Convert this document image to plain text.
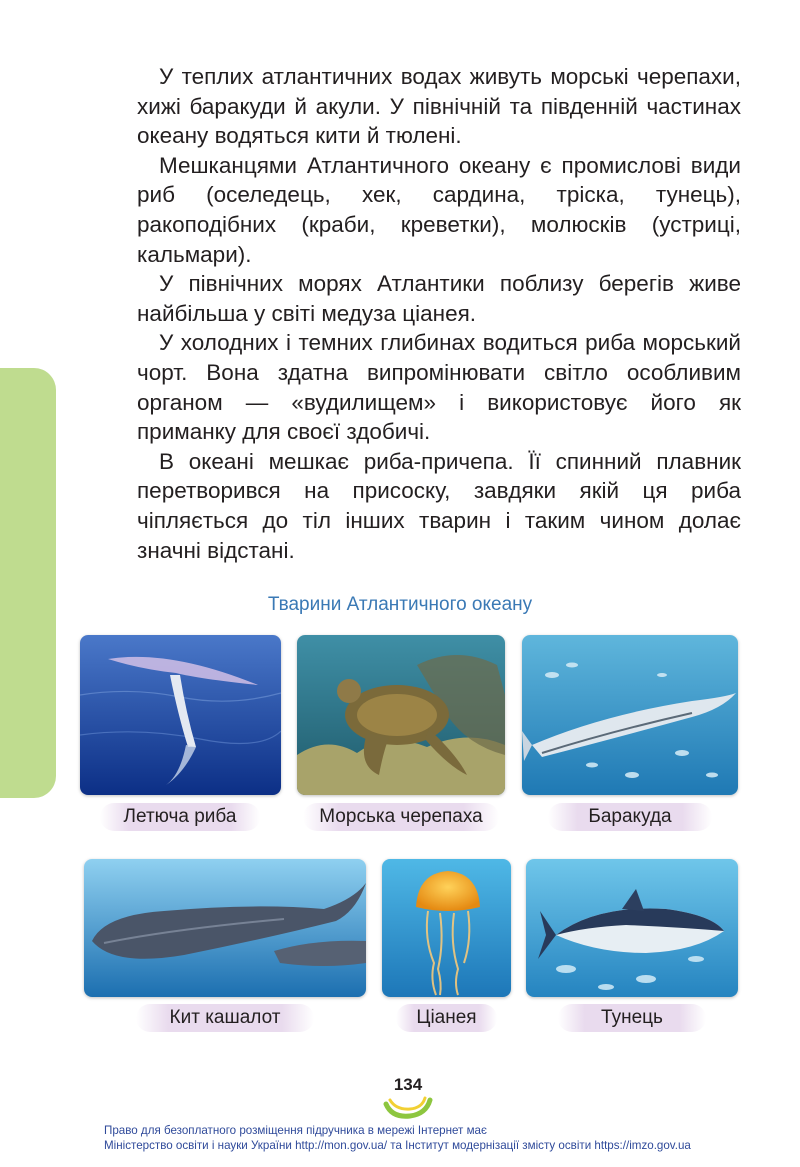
У теплих атлантичних водах живуть морські черепахи, хижі баракуди й акули. У північній та південній частинах океану водяться кити й тюлені.

Мешканцями Атлантичного океану є промислові види риб (оселедець, хек, сардина, тріска, тунець), ракоподібних (краби, креветки), молюсків (устриці, кальмари).

У північних морях Атлантики поблизу берегів живе найбільша у світі медуза ціанея.

У холодних і темних глибинах водиться риба морський чорт. Вона здатна випромінювати світло особливим органом — «вудилищем» і використовує його як приманку для своєї здобичі.

В океані мешкає риба-причепа. Її спинний плавник перетворився на присоску, завдяки якій ця риба чіпляється до тіл інших тварин і таким чином долає значні відстані.

Тварини Атлантичного океану
Летюча риба	Морська черепаха	Баракуда
Кит кашалот	Ціанея	Тунець
134
Право для безоплатного розміщення підручника в мережі Інтернет має
Міністерство освіти і науки України http://mon.gov.ua/ та Інститут модернізації змісту освіти https://imzo.gov.ua
